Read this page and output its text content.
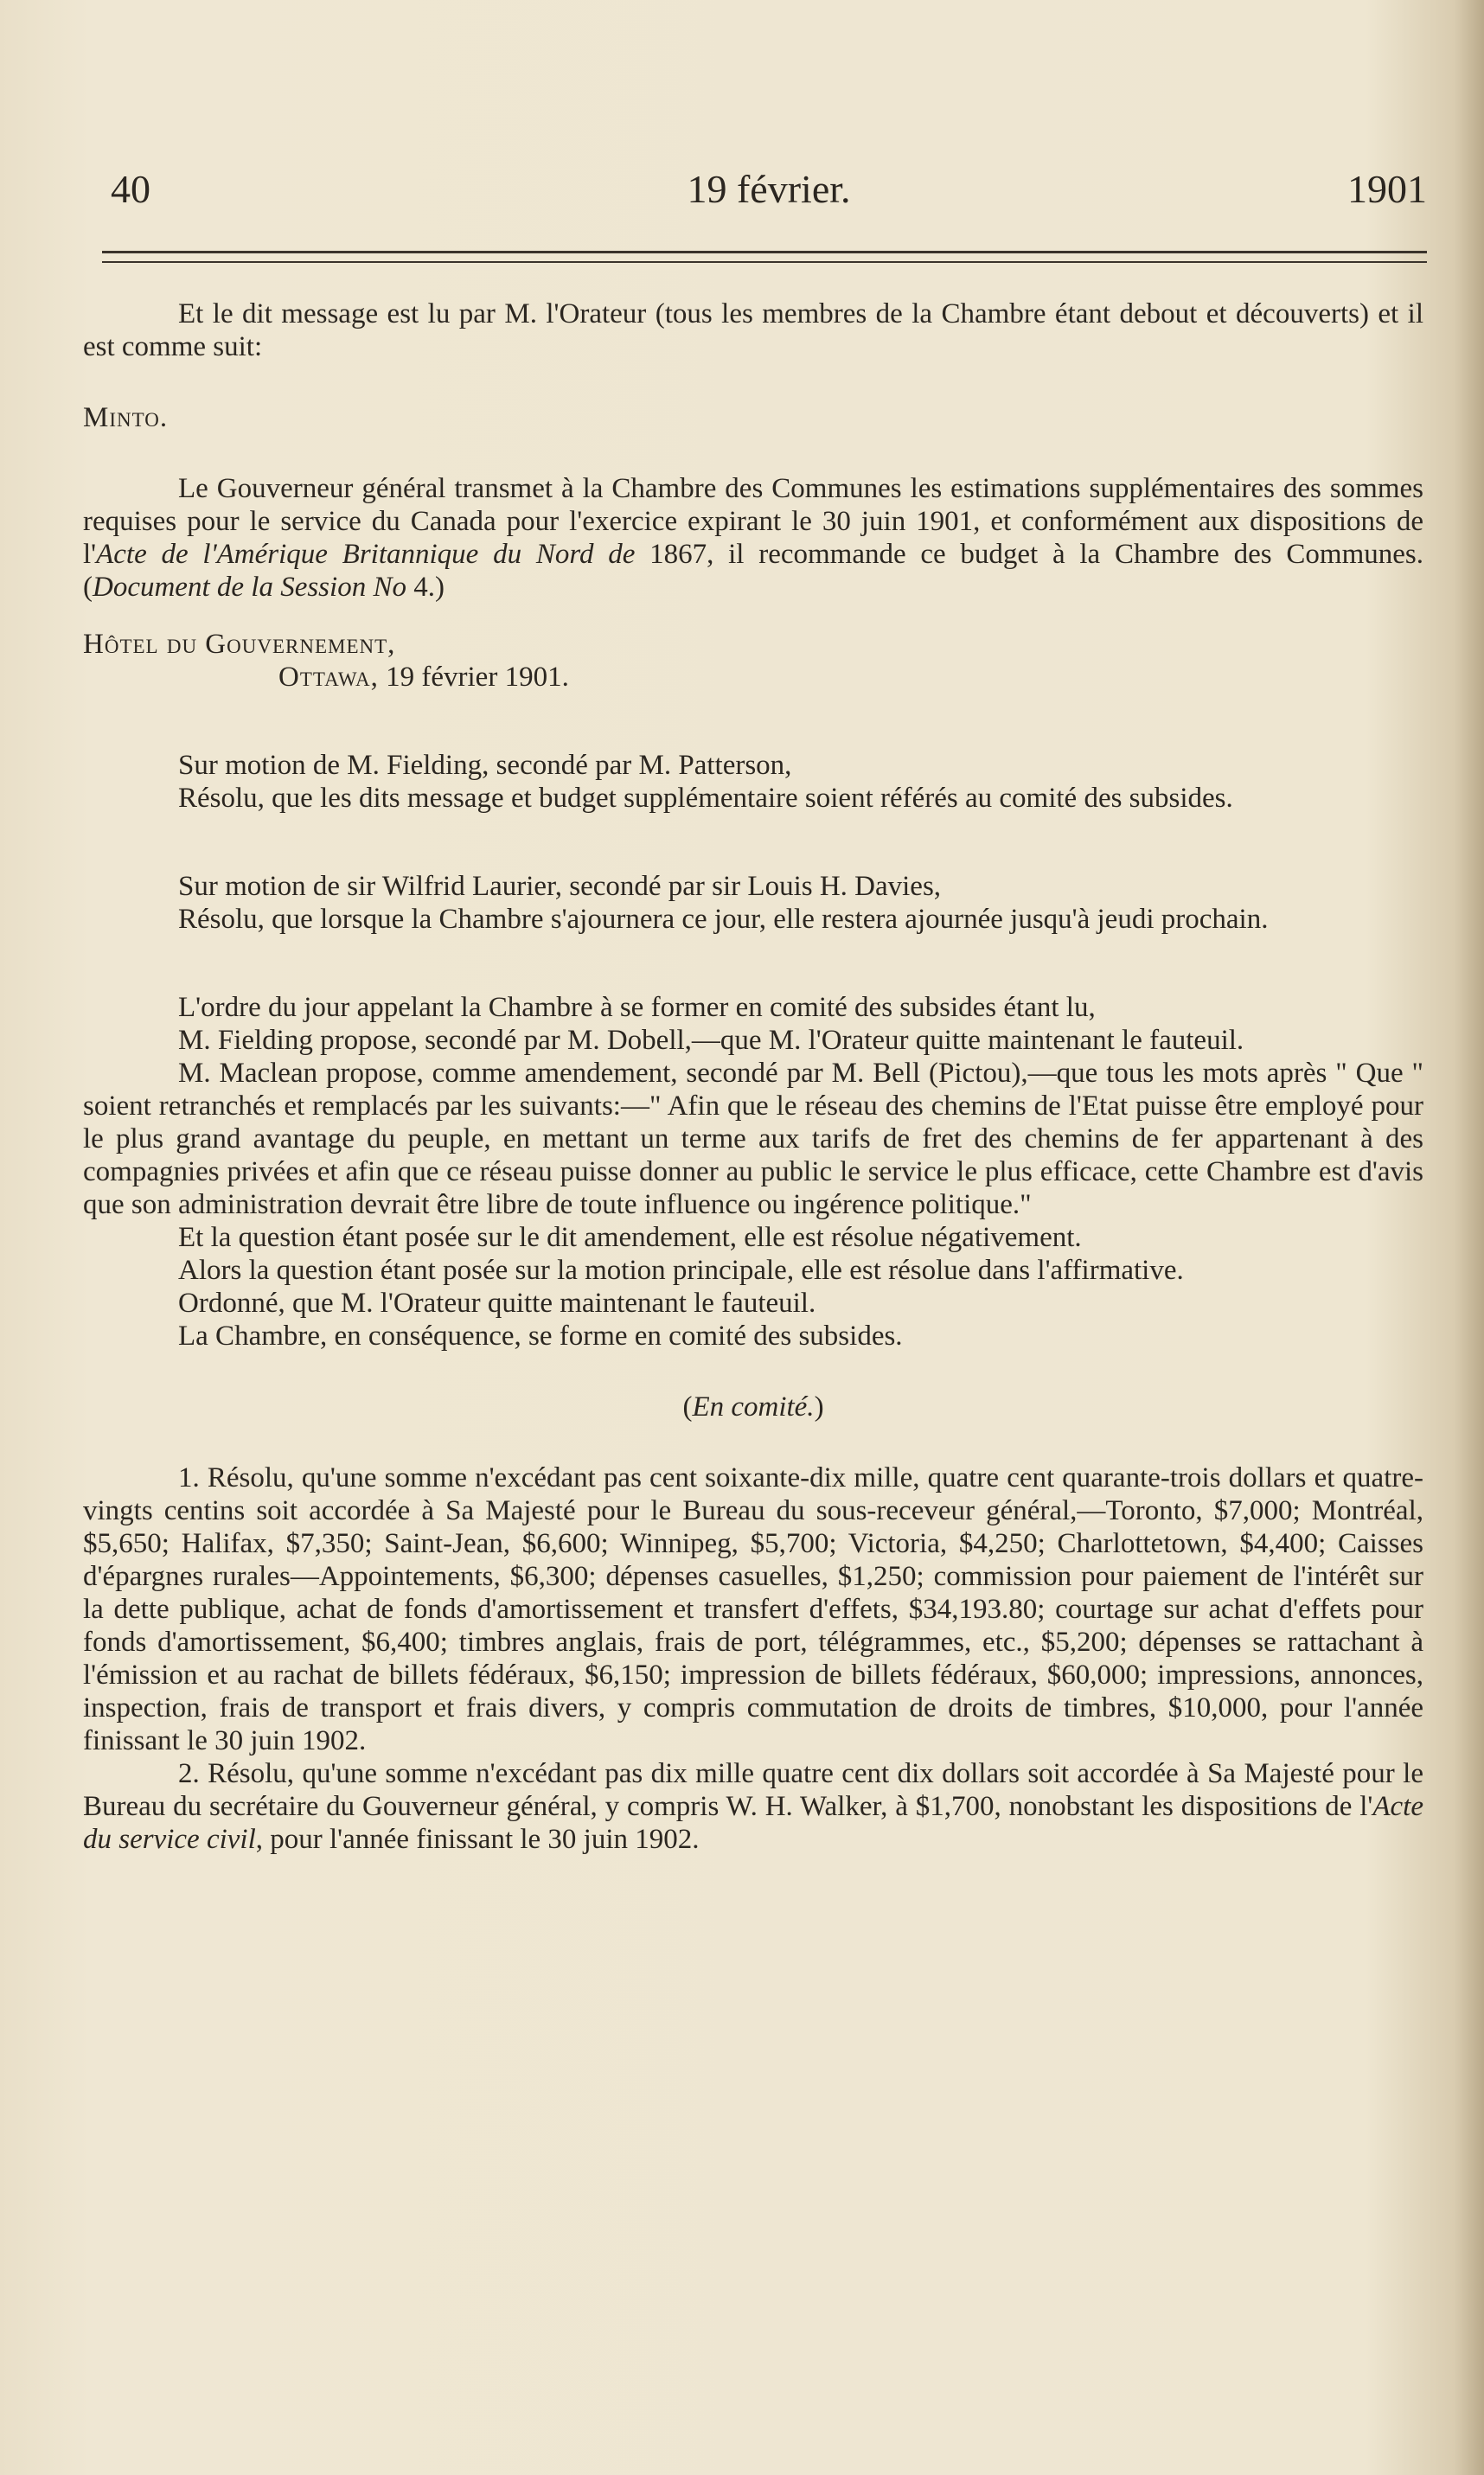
40	19 février.	1901

Et le dit message est lu par M. l'Orateur (tous les membres de la Chambre étant debout et découverts) et il est comme suit:

Minto.

Le Gouverneur général transmet à la Chambre des Communes les estimations supplémentaires des sommes requises pour le service du Canada pour l'exercice expirant le 30 juin 1901, et conformément aux dispositions de l'Acte de l'Amérique Britannique du Nord de 1867, il recommande ce budget à la Chambre des Communes. (Document de la Session No 4.)

Hôtel du Gouvernement,

Ottawa, 19 février 1901.

Sur motion de M. Fielding, secondé par M. Patterson,

Résolu, que les dits message et budget supplémentaire soient référés au comité des subsides.

Sur motion de sir Wilfrid Laurier, secondé par sir Louis H. Davies,

Résolu, que lorsque la Chambre s'ajournera ce jour, elle restera ajournée jusqu'à jeudi prochain.

L'ordre du jour appelant la Chambre à se former en comité des subsides étant lu,

M. Fielding propose, secondé par M. Dobell,—que M. l'Orateur quitte maintenant le fauteuil.

M. Maclean propose, comme amendement, secondé par M. Bell (Pictou),—que tous les mots après " Que " soient retranchés et remplacés par les suivants:—" Afin que le réseau des chemins de l'Etat puisse être employé pour le plus grand avantage du peuple, en mettant un terme aux tarifs de fret des chemins de fer appartenant à des compagnies privées et afin que ce réseau puisse donner au public le service le plus efficace, cette Chambre est d'avis que son administration devrait être libre de toute influence ou ingérence politique."

Et la question étant posée sur le dit amendement, elle est résolue négativement.

Alors la question étant posée sur la motion principale, elle est résolue dans l'affirmative.

Ordonné, que M. l'Orateur quitte maintenant le fauteuil.

La Chambre, en conséquence, se forme en comité des subsides.

(En comité.)

1. Résolu, qu'une somme n'excédant pas cent soixante-dix mille, quatre cent quarante-trois dollars et quatre-vingts centins soit accordée à Sa Majesté pour le Bureau du sous-receveur général,—Toronto, $7,000; Montréal, $5,650; Halifax, $7,350; Saint-Jean, $6,600; Winnipeg, $5,700; Victoria, $4,250; Charlottetown, $4,400; Caisses d'épargnes rurales—Appointements, $6,300; dépenses casuelles, $1,250; commission pour paiement de l'intérêt sur la dette publique, achat de fonds d'amortissement et transfert d'effets, $34,193.80; courtage sur achat d'effets pour fonds d'amortissement, $6,400; timbres anglais, frais de port, télégrammes, etc., $5,200; dépenses se rattachant à l'émission et au rachat de billets fédéraux, $6,150; impression de billets fédéraux, $60,000; impressions, annonces, inspection, frais de transport et frais divers, y compris commutation de droits de timbres, $10,000, pour l'année finissant le 30 juin 1902.

2. Résolu, qu'une somme n'excédant pas dix mille quatre cent dix dollars soit accordée à Sa Majesté pour le Bureau du secrétaire du Gouverneur général, y compris W. H. Walker, à $1,700, nonobstant les dispositions de l'Acte du service civil, pour l'année finissant le 30 juin 1902.
